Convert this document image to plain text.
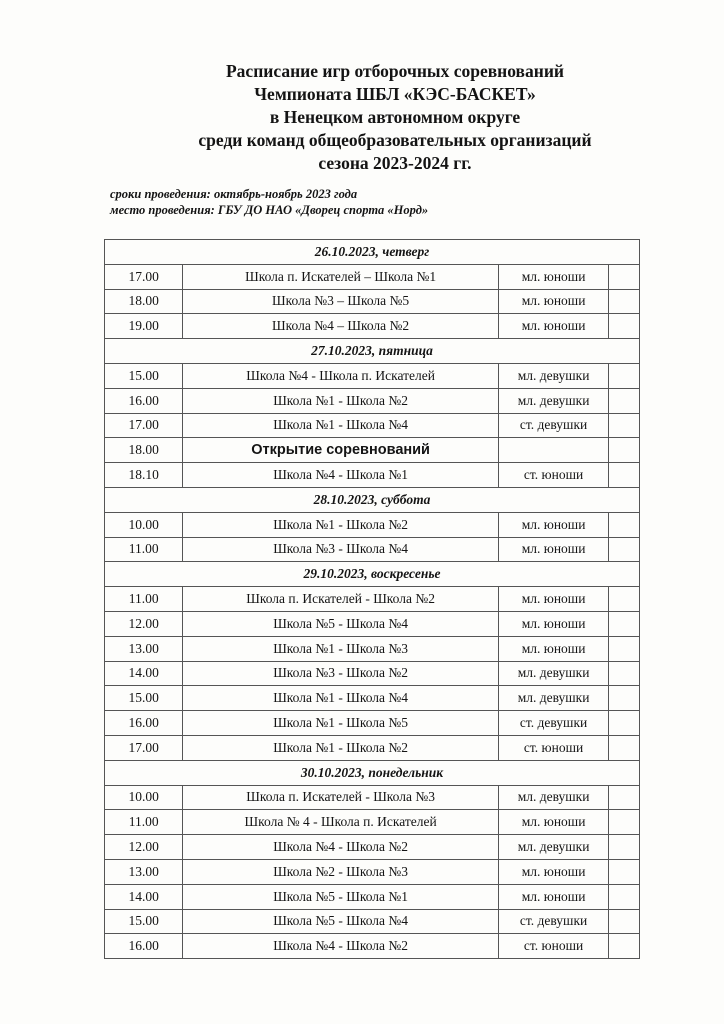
Расписание игр отборочных соревнований
Чемпионата ШБЛ «КЭС-БАСКЕТ»
в Ненецком автономном округе
среди команд общеобразовательных организаций
сезона 2023-2024 гг.
сроки проведения: октябрь-ноябрь 2023 года
место проведения: ГБУ ДО НАО «Дворец спорта «Норд»
26.10.2023, четверг			
17.00	Школа п. Искателей – Школа №1	мл. юноши	
18.00	Школа №3 – Школа №5	мл. юноши	
19.00	Школа №4 – Школа №2	мл. юноши	
27.10.2023, пятница			
15.00	Школа №4 - Школа п. Искателей	мл. девушки	
16.00	Школа №1 - Школа №2	мл. девушки	
17.00	Школа №1 - Школа №4	ст. девушки	
18.00	Открытие соревнований		
18.10	Школа №4 - Школа №1	ст. юноши	
28.10.2023, суббота			
10.00	Школа №1 - Школа №2	мл. юноши	
11.00	Школа №3 - Школа №4	мл. юноши	
29.10.2023, воскресенье			
11.00	Школа п. Искателей - Школа №2	мл. юноши	
12.00	Школа №5 - Школа №4	мл. юноши	
13.00	Школа №1 - Школа №3	мл. юноши	
14.00	Школа №3 - Школа №2	мл. девушки	
15.00	Школа №1 - Школа №4	мл. девушки	
16.00	Школа №1 - Школа №5	ст. девушки	
17.00	Школа №1 - Школа №2	ст. юноши	
30.10.2023, понедельник			
10.00	Школа п. Искателей - Школа №3	мл. девушки	
11.00	Школа № 4 - Школа п. Искателей	мл. юноши	
12.00	Школа №4 - Школа №2	мл. девушки	
13.00	Школа №2 - Школа №3	мл. юноши	
14.00	Школа №5 - Школа №1	мл. юноши	
15.00	Школа №5 - Школа №4	ст. девушки	
16.00	Школа №4 - Школа №2	ст. юноши	
